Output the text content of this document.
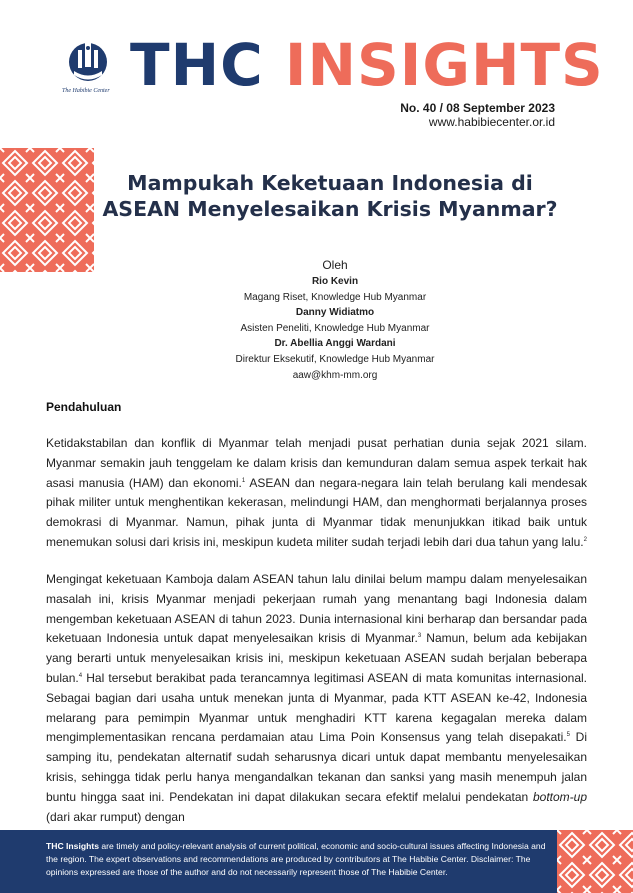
The Habibie Center THC INSIGHTS
No. 40 / 08 September 2023
www.habibiecenter.or.id
Mampukah Keketuaan Indonesia di
ASEAN Menyelesaikan Krisis Myanmar?
Oleh
Rio Kevin
Magang Riset, Knowledge Hub Myanmar
Danny Widiatmo
Asisten Peneliti, Knowledge Hub Myanmar
Dr. Abellia Anggi Wardani
Direktur Eksekutif, Knowledge Hub Myanmar
aaw@khm-mm.org
Pendahuluan
Ketidakstabilan dan konflik di Myanmar telah menjadi pusat perhatian dunia sejak 2021 silam. Myanmar semakin jauh tenggelam ke dalam krisis dan kemunduran dalam semua aspek terkait hak asasi manusia (HAM) dan ekonomi.$^1$ ASEAN dan negara-negara lain telah berulang kali mendesak pihak militer untuk menghentikan kekerasan, melindungi HAM, dan menghormati berjalannya proses demokrasi di Myanmar. Namun, pihak junta di Myanmar tidak menunjukkan itikad baik untuk menemukan solusi dari krisis ini, meskipun kudeta militer sudah terjadi lebih dari dua tahun yang lalu.$^2$
Mengingat keketuaan Kamboja dalam ASEAN tahun lalu dinilai belum mampu dalam menyelesaikan masalah ini, krisis Myanmar menjadi pekerjaan rumah yang menantang bagi Indonesia dalam mengemban keketuaan ASEAN di tahun 2023. Dunia internasional kini berharap dan bersandar pada keketuaan Indonesia untuk dapat menyelesaikan krisis di Myanmar.$^3$ Namun, belum ada kebijakan yang berarti untuk menyelesaikan krisis ini, meskipun keketuaan ASEAN sudah berjalan beberapa bulan.$^4$ Hal tersebut berakibat pada terancamnya legitimasi ASEAN di mata komunitas internasional. Sebagai bagian dari usaha untuk menekan junta di Myanmar, pada KTT ASEAN ke-42, Indonesia melarang para pemimpin Myanmar untuk menghadiri KTT karena kegagalan mereka dalam mengimplementasikan rencana perdamaian atau Lima Poin Konsensus yang telah disepakati.$^5$ Di samping itu, pendekatan alternatif sudah seharusnya dicari untuk dapat membantu menyelesaikan krisis, sehingga tidak perlu hanya mengandalkan tekanan dan sanksi yang masih menempuh jalan buntu hingga saat ini. Pendekatan ini dapat dilakukan secara efektif melalui pendekatan bottom-up (dari akar rumput) dengan
THC Insights are timely and policy-relevant analysis of current political, economic and socio-cultural issues affecting Indonesia and the region. The expert observations and recommendations are produced by contributors at The Habibie Center. Disclaimer: The opinions expressed are those of the author and do not necessarily represent those of The Habibie Center.
